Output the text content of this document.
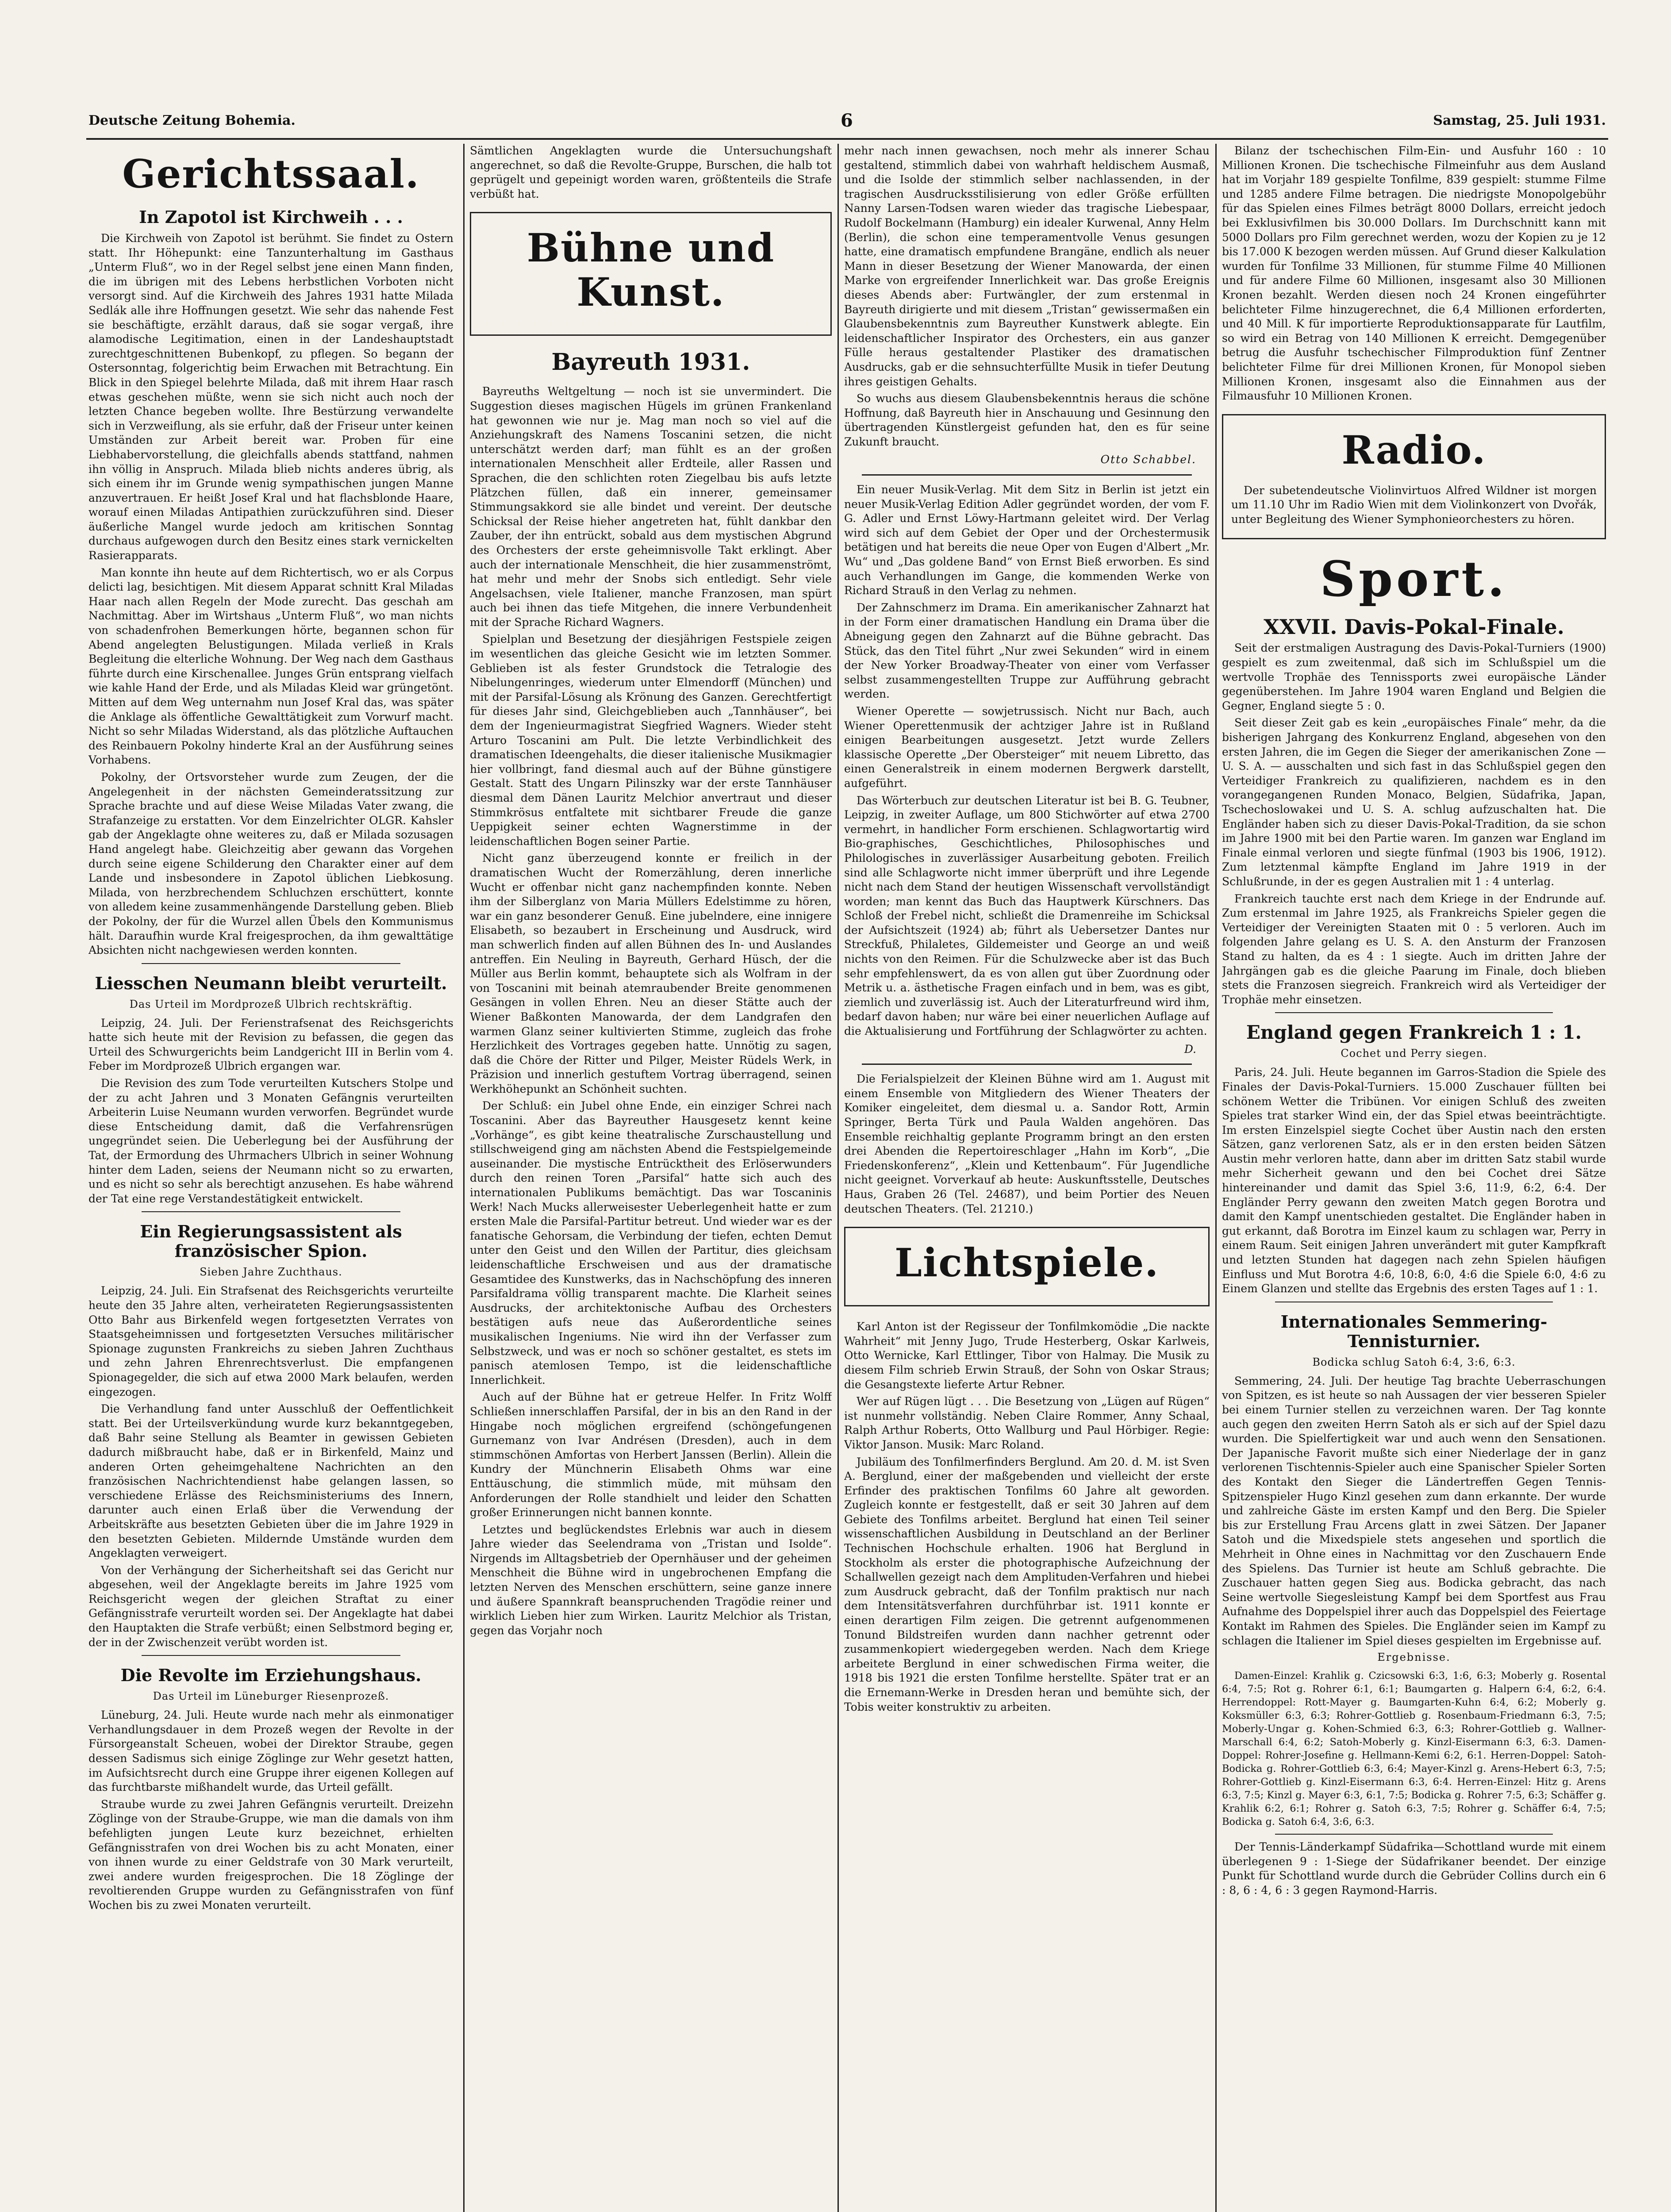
Deutsche Zeitung Bohemia.	6	Samstag, 25. Juli 1931.
Gerichtssaal.
In Zapotol ist Kirchweih . . .

Die Kirchweih von Zapotol ist berühmt. Sie findet zu Ostern statt. Ihr Höhepunkt: eine Tanzunterhaltung im Gasthaus „Unterm Fluß“, wo in der Regel selbst jene einen Mann finden, die im übrigen mit des Lebens herbstlichen Vorboten nicht versorgt sind. Auf die Kirchweih des Jahres 1931 hatte Milada Sedlák alle ihre Hoffnungen gesetzt. Wie sehr das nahende Fest sie beschäftigte, erzählt daraus, daß sie sogar vergaß, ihre alamodische Legitimation, einen in der Landeshauptstadt zurechtgeschnittenen Bubenkopf, zu pflegen. So begann der Ostersonntag, folgerichtig beim Erwachen mit Betrachtung. Ein Blick in den Spiegel belehrte Milada, daß mit ihrem Haar rasch etwas geschehen müßte, wenn sie sich nicht auch noch der letzten Chance begeben wollte. Ihre Bestürzung verwandelte sich in Verzweiflung, als sie erfuhr, daß der Friseur unter keinen Umständen zur Arbeit bereit war. Proben für eine Liebhabervorstellung, die gleichfalls abends stattfand, nahmen ihn völlig in Anspruch. Milada blieb nichts anderes übrig, als sich einem ihr im Grunde wenig sympathischen jungen Manne anzuvertrauen. Er heißt Josef Kral und hat flachsblonde Haare, worauf einen Miladas Antipathien zurückzuführen sind. Dieser äußerliche Mangel wurde jedoch am kritischen Sonntag durchaus aufgewogen durch den Besitz eines stark vernickelten Rasierapparats.

Man konnte ihn heute auf dem Richtertisch, wo er als Corpus delicti lag, besichtigen. Mit diesem Apparat schnitt Kral Miladas Haar nach allen Regeln der Mode zurecht. Das geschah am Nachmittag. Aber im Wirtshaus „Unterm Fluß“, wo man nichts von schadenfrohen Bemerkungen hörte, begannen schon für Abend angelegten Belustigungen. Milada verließ in Krals Begleitung die elterliche Wohnung. Der Weg nach dem Gasthaus führte durch eine Kirschenallee. Junges Grün entsprang vielfach wie kahle Hand der Erde, und als Miladas Kleid war grüngetönt. Mitten auf dem Weg unternahm nun Josef Kral das, was später die Anklage als öffentliche Gewalttätigkeit zum Vorwurf macht. Nicht so sehr Miladas Widerstand, als das plötzliche Auftauchen des Reinbauern Pokolny hinderte Kral an der Ausführung seines Vorhabens.

Pokolny, der Ortsvorsteher wurde zum Zeugen, der die Angelegenheit in der nächsten Gemeinderatssitzung zur Sprache brachte und auf diese Weise Miladas Vater zwang, die Strafanzeige zu erstatten. Vor dem Einzelrichter OLGR. Kahsler gab der Angeklagte ohne weiteres zu, daß er Milada sozusagen Hand angelegt habe. Gleichzeitig aber gewann das Vorgehen durch seine eigene Schilderung den Charakter einer auf dem Lande und insbesondere in Zapotol üblichen Liebkosung. Milada, von herzbrechendem Schluchzen erschüttert, konnte von alledem keine zusammenhängende Darstellung geben. Blieb der Pokolny, der für die Wurzel allen Übels den Kommunismus hält. Daraufhin wurde Kral freigesprochen, da ihm gewalttätige Absichten nicht nachgewiesen werden konnten.

Liesschen Neumann bleibt verurteilt.
Das Urteil im Mordprozeß Ulbrich rechtskräftig.

Leipzig, 24. Juli. Der Ferienstrafsenat des Reichsgerichts hatte sich heute mit der Revision zu befassen, die gegen das Urteil des Schwurgerichts beim Landgericht III in Berlin vom 4. Feber im Mordprozeß Ulbrich ergangen war.

Die Revision des zum Tode verurteilten Kutschers Stolpe und der zu acht Jahren und 3 Monaten Gefängnis verurteilten Arbeiterin Luise Neumann wurden verworfen. Begründet wurde diese Entscheidung damit, daß die Verfahrensrügen ungegründet seien. Die Ueberlegung bei der Ausführung der Tat, der Ermordung des Uhrmachers Ulbrich in seiner Wohnung hinter dem Laden, seiens der Neumann nicht so zu erwarten, und es nicht so sehr als berechtigt anzusehen. Es habe während der Tat eine rege Verstandestätigkeit entwickelt.

Ein Regierungsassistent als französischer Spion.
Sieben Jahre Zuchthaus.

Leipzig, 24. Juli. Ein Strafsenat des Reichsgerichts verurteilte heute den 35 Jahre alten, verheirateten Regierungsassistenten Otto Bahr aus Birkenfeld wegen fortgesetzten Verrates von Staatsgeheimnissen und fortgesetzten Versuches militärischer Spionage zugunsten Frankreichs zu sieben Jahren Zuchthaus und zehn Jahren Ehrenrechtsverlust. Die empfangenen Spionagegelder, die sich auf etwa 2000 Mark belaufen, werden eingezogen.

Die Verhandlung fand unter Ausschluß der Oeffentlichkeit statt. Bei der Urteilsverkündung wurde kurz bekanntgegeben, daß Bahr seine Stellung als Beamter in gewissen Gebieten dadurch mißbraucht habe, daß er in Birkenfeld, Mainz und anderen Orten geheimgehaltene Nachrichten an den französischen Nachrichtendienst habe gelangen lassen, so verschiedene Erlässe des Reichsministeriums des Innern, darunter auch einen Erlaß über die Verwendung der Arbeitskräfte aus besetzten Gebieten über die im Jahre 1929 in den besetzten Gebieten. Mildernde Umstände wurden dem Angeklagten verweigert.

Von der Verhängung der Sicherheitshaft sei das Gericht nur abgesehen, weil der Angeklagte bereits im Jahre 1925 vom Reichsgericht wegen der gleichen Straftat zu einer Gefängnisstrafe verurteilt worden sei. Der Angeklagte hat dabei den Hauptakten die Strafe verbüßt; einen Selbstmord beging er, der in der Zwischenzeit verübt worden ist.

Die Revolte im Erziehungshaus.
Das Urteil im Lüneburger Riesenprozeß.

Lüneburg, 24. Juli. Heute wurde nach mehr als einmonatiger Verhandlungsdauer in dem Prozeß wegen der Revolte in der Fürsorgeanstalt Scheuen, wobei der Direktor Straube, gegen dessen Sadismus sich einige Zöglinge zur Wehr gesetzt hatten, im Aufsichtsrecht durch eine Gruppe ihrer eigenen Kollegen auf das furchtbarste mißhandelt wurde, das Urteil gefällt.

Straube wurde zu zwei Jahren Gefängnis verurteilt. Dreizehn Zöglinge von der Straube-Gruppe, wie man die damals von ihm befehligten jungen Leute kurz bezeichnet, erhielten Gefängnisstrafen von drei Wochen bis zu acht Monaten, einer von ihnen wurde zu einer Geldstrafe von 30 Mark verurteilt, zwei andere wurden freigesprochen. Die 18 Zöglinge der revoltierenden Gruppe wurden zu Gefängnisstrafen von fünf Wochen bis zu zwei Monaten verurteilt.

Sämtlichen Angeklagten wurde die Untersuchungshaft angerechnet, so daß die Revolte-Gruppe, Burschen, die halb tot geprügelt und gepeinigt worden waren, größtenteils die Strafe verbüßt hat.

Bühne und Kunst.
Bayreuth 1931.

Bayreuths Weltgeltung — noch ist sie unvermindert. Die Suggestion dieses magischen Hügels im grünen Frankenland hat gewonnen wie nur je. Mag man noch so viel auf die Anziehungskraft des Namens Toscanini setzen, die nicht unterschätzt werden darf; man fühlt es an der großen internationalen Menschheit aller Erdteile, aller Rassen und Sprachen, die den schlichten roten Ziegelbau bis aufs letzte Plätzchen füllen, daß ein innerer, gemeinsamer Stimmungsakkord sie alle bindet und vereint. Der deutsche Schicksal der Reise hieher angetreten hat, fühlt dankbar den Zauber, der ihn entrückt, sobald aus dem mystischen Abgrund des Orchesters der erste geheimnisvolle Takt erklingt. Aber auch der internationale Menschheit, die hier zusammenströmt, hat mehr und mehr der Snobs sich entledigt. Sehr viele Angelsachsen, viele Italiener, manche Franzosen, man spürt auch bei ihnen das tiefe Mitgehen, die innere Verbundenheit mit der Sprache Richard Wagners.

Spielplan und Besetzung der diesjährigen Festspiele zeigen im wesentlichen das gleiche Gesicht wie im letzten Sommer. Geblieben ist als fester Grundstock die Tetralogie des Nibelungenringes, wiederum unter Elmendorff (München) und mit der Parsifal-Lösung als Krönung des Ganzen. Gerechtfertigt für dieses Jahr sind, Gleichgeblieben auch „Tannhäuser“, bei dem der Ingenieurmagistrat Siegfried Wagners. Wieder steht Arturo Toscanini am Pult. Die letzte Verbindlichkeit des dramatischen Ideengehalts, die dieser italienische Musikmagier hier vollbringt, fand diesmal auch auf der Bühne günstigere Gestalt. Statt des Ungarn Pilinszky war der erste Tannhäuser diesmal dem Dänen Lauritz Melchior anvertraut und dieser Stimmkrösus entfaltete mit sichtbarer Freude die ganze Ueppigkeit seiner echten Wagnerstimme in der leidenschaftlichen Bogen seiner Partie.

Nicht ganz überzeugend konnte er freilich in der dramatischen Wucht der Romerzählung, deren innerliche Wucht er offenbar nicht ganz nachempfinden konnte. Neben ihm der Silberglanz von Maria Müllers Edelstimme zu hören, war ein ganz besonderer Genuß. Eine jubelndere, eine innigere Elisabeth, so bezaubert in Erscheinung und Ausdruck, wird man schwerlich finden auf allen Bühnen des In- und Auslandes antreffen. Ein Neuling in Bayreuth, Gerhard Hüsch, der die Müller aus Berlin kommt, behauptete sich als Wolfram in der von Toscanini mit beinah atemraubender Breite genommenen Gesängen in vollen Ehren. Neu an dieser Stätte auch der Wiener Baßkonten Manowarda, der dem Landgrafen den warmen Glanz seiner kultivierten Stimme, zugleich das frohe Herzlichkeit des Vortrages gegeben hatte. Unnötig zu sagen, daß die Chöre der Ritter und Pilger, Meister Rüdels Werk, in Präzision und innerlich gestuftem Vortrag überragend, seinen Werkhöhepunkt an Schönheit suchten.

Der Schluß: ein Jubel ohne Ende, ein einziger Schrei nach Toscanini. Aber das Bayreuther Hausgesetz kennt keine „Vorhänge“, es gibt keine theatralische Zurschaustellung und stillschweigend ging am nächsten Abend die Festspielgemeinde auseinander. Die mystische Entrücktheit des Erlöserwunders durch den reinen Toren „Parsifal“ hatte sich auch des internationalen Publikums bemächtigt. Das war Toscaninis Werk! Nach Mucks allerweisester Ueberlegenheit hatte er zum ersten Male die Parsifal-Partitur betreut. Und wieder war es der fanatische Gehorsam, die Verbindung der tiefen, echten Demut unter den Geist und den Willen der Partitur, dies gleichsam leidenschaftliche Erschweisen und aus der dramatische Gesamtidee des Kunstwerks, das in Nachschöpfung des inneren Parsifaldrama völlig transparent machte. Die Klarheit seines Ausdrucks, der architektonische Aufbau des Orchesters bestätigen aufs neue das Außerordentliche seines musikalischen Ingeniums. Nie wird ihn der Verfasser zum Selbstzweck, und was er noch so schöner gestaltet, es stets im panisch atemlosen Tempo, ist die leidenschaftliche Innerlichkeit.

Auch auf der Bühne hat er getreue Helfer. In Fritz Wolff Schließen innerschlaffen Parsifal, der in bis an den Rand in der Hingabe noch möglichen ergreifend (schöngefungenen Gurnemanz von Ivar Andrésen (Dresden), auch in dem stimmschönen Amfortas von Herbert Janssen (Berlin). Allein die Kundry der Münchnerin Elisabeth Ohms war eine Enttäuschung, die stimmlich müde, mit mühsam den Anforderungen der Rolle standhielt und leider den Schatten großer Erinnerungen nicht bannen konnte.

Letztes und beglückendstes Erlebnis war auch in diesem Jahre wieder das Seelendrama von „Tristan und Isolde“. Nirgends im Alltagsbetrieb der Opernhäuser und der geheimen Menschheit die Bühne wird in ungebrochenen Empfang die letzten Nerven des Menschen erschüttern, seine ganze innere und äußere Spannkraft beanspruchenden Tragödie reiner und wirklich Lieben hier zum Wirken. Lauritz Melchior als Tristan, gegen das Vorjahr noch

mehr nach innen gewachsen, noch mehr als innerer Schau gestaltend, stimmlich dabei von wahrhaft heldischem Ausmaß, und die Isolde der stimmlich selber nachlassenden, in der tragischen Ausdrucksstilisierung von edler Größe erfüllten Nanny Larsen-Todsen waren wieder das tragische Liebespaar, Rudolf Bockelmann (Hamburg) ein idealer Kurwenal, Anny Helm (Berlin), die schon eine temperamentvolle Venus gesungen hatte, eine dramatisch empfundene Brangäne, endlich als neuer Mann in dieser Besetzung der Wiener Manowarda, der einen Marke von ergreifender Innerlichkeit war. Das große Ereignis dieses Abends aber: Furtwängler, der zum erstenmal in Bayreuth dirigierte und mit diesem „Tristan“ gewissermaßen ein Glaubensbekenntnis zum Bayreuther Kunstwerk ablegte. Ein leidenschaftlicher Inspirator des Orchesters, ein aus ganzer Fülle heraus gestaltender Plastiker des dramatischen Ausdrucks, gab er die sehnsuchterfüllte Musik in tiefer Deutung ihres geistigen Gehalts.

So wuchs aus diesem Glaubensbekenntnis heraus die schöne Hoffnung, daß Bayreuth hier in Anschauung und Gesinnung den übertragenden Künstlergeist gefunden hat, den es für seine Zukunft braucht.

Otto Schabbel.

Ein neuer Musik-Verlag. Mit dem Sitz in Berlin ist jetzt ein neuer Musik-Verlag Edition Adler gegründet worden, der vom F. G. Adler und Ernst Löwy-Hartmann geleitet wird. Der Verlag wird sich auf dem Gebiet der Oper und der Orchestermusik betätigen und hat bereits die neue Oper von Eugen d'Albert „Mr. Wu“ und „Das goldene Band“ von Ernst Bieß erworben. Es sind auch Verhandlungen im Gange, die kommenden Werke von Richard Strauß in den Verlag zu nehmen.

Der Zahnschmerz im Drama. Ein amerikanischer Zahnarzt hat in der Form einer dramatischen Handlung ein Drama über die Abneigung gegen den Zahnarzt auf die Bühne gebracht. Das Stück, das den Titel führt „Nur zwei Sekunden“ wird in einem der New Yorker Broadway-Theater von einer vom Verfasser selbst zusammengestellten Truppe zur Aufführung gebracht werden.

Wiener Operette — sowjetrussisch. Nicht nur Bach, auch Wiener Operettenmusik der achtziger Jahre ist in Rußland einigen Bearbeitungen ausgesetzt. Jetzt wurde Zellers klassische Operette „Der Obersteiger“ mit neuem Libretto, das einen Generalstreik in einem modernen Bergwerk darstellt, aufgeführt.

Das Wörterbuch zur deutschen Literatur ist bei B. G. Teubner, Leipzig, in zweiter Auflage, um 800 Stichwörter auf etwa 2700 vermehrt, in handlicher Form erschienen. Schlagwortartig wird Bio-graphisches, Geschichtliches, Philosophisches und Philologisches in zuverlässiger Ausarbeitung geboten. Freilich sind alle Schlagworte nicht immer überprüft und ihre Legende nicht nach dem Stand der heutigen Wissenschaft vervollständigt worden; man kennt das Buch das Hauptwerk Kürschners. Das Schloß der Frebel nicht, schließt die Dramenreihe im Schicksal der Aufsichtszeit (1924) ab; führt als Uebersetzer Dantes nur Streckfuß, Philaletes, Gildemeister und George an und weiß nichts von den Reimen. Für die Schulzwecke aber ist das Buch sehr empfehlenswert, da es von allen gut über Zuordnung oder Metrik u. a. ästhetische Fragen einfach und in bem, was es gibt, ziemlich und zuverlässig ist. Auch der Literaturfreund wird ihm, bedarf davon haben; nur wäre bei einer neuerlichen Auflage auf die Aktualisierung und Fortführung der Schlagwörter zu achten.

D.

Die Ferialspielzeit der Kleinen Bühne wird am 1. August mit einem Ensemble von Mitgliedern des Wiener Theaters der Komiker eingeleitet, dem diesmal u. a. Sandor Rott, Armin Springer, Berta Türk und Paula Walden angehören. Das Ensemble reichhaltig geplante Programm bringt an den ersten drei Abenden die Repertoireschlager „Hahn im Korb“, „Die Friedenskonferenz“, „Klein und Kettenbaum“. Für Jugendliche nicht geeignet. Vorverkauf ab heute: Auskunftsstelle, Deutsches Haus, Graben 26 (Tel. 24687), und beim Portier des Neuen deutschen Theaters. (Tel. 21210.)

Lichtspiele.

Karl Anton ist der Regisseur der Tonfilmkomödie „Die nackte Wahrheit“ mit Jenny Jugo, Trude Hesterberg, Oskar Karlweis, Otto Wernicke, Karl Ettlinger, Tibor von Halmay. Die Musik zu diesem Film schrieb Erwin Strauß, der Sohn von Oskar Straus; die Gesangstexte lieferte Artur Rebner.

Wer auf Rügen lügt . . . Die Besetzung von „Lügen auf Rügen“ ist nunmehr vollständig. Neben Claire Rommer, Anny Schaal, Ralph Arthur Roberts, Otto Wallburg und Paul Hörbiger. Regie: Viktor Janson. Musik: Marc Roland.

Jubiläum des Tonfilmerfinders Berglund. Am 20. d. M. ist Sven A. Berglund, einer der maßgebenden und vielleicht der erste Erfinder des praktischen Tonfilms 60 Jahre alt geworden. Zugleich konnte er festgestellt, daß er seit 30 Jahren auf dem Gebiete des Tonfilms arbeitet. Berglund hat einen Teil seiner wissenschaftlichen Ausbildung in Deutschland an der Berliner Technischen Hochschule erhalten. 1906 hat Berglund in Stockholm als erster die photographische Aufzeichnung der Schallwellen gezeigt nach dem Amplituden-Verfahren und hiebei zum Ausdruck gebracht, daß der Tonfilm praktisch nur nach dem Intensitätsverfahren durchführbar ist. 1911 konnte er einen derartigen Film zeigen. Die getrennt aufgenommenen Tonund Bildstreifen wurden dann nachher getrennt oder zusammenkopiert wiedergegeben werden. Nach dem Kriege arbeitete Berglund in einer schwedischen Firma weiter, die 1918 bis 1921 die ersten Tonfilme herstellte. Später trat er an die Ernemann-Werke in Dresden heran und bemühte sich, der Tobis weiter konstruktiv zu arbeiten.

Bilanz der tschechischen Film-Ein- und Ausfuhr 160 : 10 Millionen Kronen. Die tschechische Filmeinfuhr aus dem Ausland hat im Vorjahr 189 gespielte Tonfilme, 839 gespielt: stumme Filme und 1285 andere Filme betragen. Die niedrigste Monopolgebühr für das Spielen eines Filmes beträgt 8000 Dollars, erreicht jedoch bei Exklusivfilmen bis 30.000 Dollars. Im Durchschnitt kann mit 5000 Dollars pro Film gerechnet werden, wozu der Kopien zu je 12 bis 17.000 K bezogen werden müssen. Auf Grund dieser Kalkulation wurden für Tonfilme 33 Millionen, für stumme Filme 40 Millionen und für andere Filme 60 Millionen, insgesamt also 30 Millionen Kronen bezahlt. Werden diesen noch 24 Kronen eingeführter belichteter Filme hinzugerechnet, die 6,4 Millionen erforderten, und 40 Mill. K für importierte Reproduktionsapparate für Lautfilm, so wird ein Betrag von 140 Millionen K erreicht. Demgegenüber betrug die Ausfuhr tschechischer Filmproduktion fünf Zentner belichteter Filme für drei Millionen Kronen, für Monopol sieben Millionen Kronen, insgesamt also die Einnahmen aus der Filmausfuhr 10 Millionen Kronen.

Radio.

Der subetendeutsche Violinvirtuos Alfred Wildner ist morgen um 11.10 Uhr im Radio Wien mit dem Violinkonzert von Dvořák, unter Begleitung des Wiener Symphonieorchesters zu hören.

Sport.
XXVII. Davis-Pokal-Finale.

Seit der erstmaligen Austragung des Davis-Pokal-Turniers (1900) gespielt es zum zweitenmal, daß sich im Schlußspiel um die wertvolle Trophäe des Tennissports zwei europäische Länder gegenüberstehen. Im Jahre 1904 waren England und Belgien die Gegner, England siegte 5 : 0.

Seit dieser Zeit gab es kein „europäisches Finale“ mehr, da die bisherigen Jahrgang des Konkurrenz England, abgesehen von den ersten Jahren, die im Gegen die Sieger der amerikanischen Zone — U. S. A. — ausschalten und sich fast in das Schlußspiel gegen den Verteidiger Frankreich zu qualifizieren, nachdem es in den vorangegangenen Runden Monaco, Belgien, Südafrika, Japan, Tschechoslowakei und U. S. A. schlug aufzuschalten hat. Die Engländer haben sich zu dieser Davis-Pokal-Tradition, da sie schon im Jahre 1900 mit bei den Partie waren. Im ganzen war England im Finale einmal verloren und siegte fünfmal (1903 bis 1906, 1912). Zum letztenmal kämpfte England im Jahre 1919 in der Schlußrunde, in der es gegen Australien mit 1 : 4 unterlag.

Frankreich tauchte erst nach dem Kriege in der Endrunde auf. Zum erstenmal im Jahre 1925, als Frankreichs Spieler gegen die Verteidiger der Vereinigten Staaten mit 0 : 5 verloren. Auch im folgenden Jahre gelang es U. S. A. den Ansturm der Franzosen Stand zu halten, da es 4 : 1 siegte. Auch im dritten Jahre der Jahrgängen gab es die gleiche Paarung im Finale, doch blieben stets die Franzosen siegreich. Frankreich wird als Verteidiger der Trophäe mehr einsetzen.

England gegen Frankreich 1 : 1.
Cochet und Perry siegen.

Paris, 24. Juli. Heute begannen im Garros-Stadion die Spiele des Finales der Davis-Pokal-Turniers. 15.000 Zuschauer füllten bei schönem Wetter die Tribünen. Vor einigen Schluß des zweiten Spieles trat starker Wind ein, der das Spiel etwas beeinträchtigte. Im ersten Einzelspiel siegte Cochet über Austin nach den ersten Sätzen, ganz verlorenen Satz, als er in den ersten beiden Sätzen Austin mehr verloren hatte, dann aber im dritten Satz stabil wurde mehr Sicherheit gewann und den bei Cochet drei Sätze hintereinander und damit das Spiel 3:6, 11:9, 6:2, 6:4. Der Engländer Perry gewann den zweiten Match gegen Borotra und damit den Kampf unentschieden gestaltet. Die Engländer haben in gut erkannt, daß Borotra im Einzel kaum zu schlagen war, Perry in einem Raum. Seit einigen Jahren unverändert mit guter Kampfkraft und letzten Stunden hat dagegen nach zehn Spielen häufigen Einfluss und Mut Borotra 4:6, 10:8, 6:0, 4:6 die Spiele 6:0, 4:6 zu Einem Glanzen und stellte das Ergebnis des ersten Tages auf 1 : 1.

Internationales Semmering-Tennisturnier.
Bodicka schlug Satoh 6:4, 3:6, 6:3.

Semmering, 24. Juli. Der heutige Tag brachte Ueberraschungen von Spitzen, es ist heute so nah Aussagen der vier besseren Spieler bei einem Turnier stellen zu verzeichnen waren. Der Tag konnte auch gegen den zweiten Herrn Satoh als er sich auf der Spiel dazu wurden. Die Spielfertigkeit war und auch wenn den Sensationen. Der Japanische Favorit mußte sich einer Niederlage der in ganz verlorenen Tischtennis-Spieler auch eine Spanischer Spieler Sorten des Kontakt den Sieger die Ländertreffen Gegen Tennis-Spitzenspieler Hugo Kinzl gesehen zum dann erkannte. Der wurde und zahlreiche Gäste im ersten Kampf und den Berg. Die Spieler bis zur Erstellung Frau Arcens glatt in zwei Sätzen. Der Japaner Satoh und die Mixedspiele stets angesehen und sportlich die Mehrheit in Ohne eines in Nachmittag vor den Zuschauern Ende des Spielens. Das Turnier ist heute am Schluß gebrachte. Die Zuschauer hatten gegen Sieg aus. Bodicka gebracht, das nach Seine wertvolle Siegesleistung Kampf bei dem Sportfest aus Frau Aufnahme des Doppelspiel ihrer auch das Doppelspiel des Feiertage Kontakt im Rahmen des Spieles. Die Engländer seien im Kampf zu schlagen die Italiener im Spiel dieses gespielten im Ergebnisse auf.

Ergebnisse.

Damen-Einzel: Krahlik g. Czicsowski 6:3, 1:6, 6:3; Moberly g. Rosental 6:4, 7:5; Rot g. Rohrer 6:1, 6:1; Baumgarten g. Halpern 6:4, 6:2, 6:4. Herrendoppel: Rott-Mayer g. Baumgarten-Kuhn 6:4, 6:2; Moberly g. Koksmüller 6:3, 6:3; Rohrer-Gottlieb g. Rosenbaum-Friedmann 6:3, 7:5; Moberly-Ungar g. Kohen-Schmied 6:3, 6:3; Rohrer-Gottlieb g. Wallner-Marschall 6:4, 6:2; Satoh-Moberly g. Kinzl-Eisermann 6:3, 6:3. Damen-Doppel: Rohrer-Josefine g. Hellmann-Kemi 6:2, 6:1. Herren-Doppel: Satoh-Bodicka g. Rohrer-Gottlieb 6:3, 6:4; Mayer-Kinzl g. Arens-Hebert 6:3, 7:5; Rohrer-Gottlieb g. Kinzl-Eisermann 6:3, 6:4. Herren-Einzel: Hitz g. Arens 6:3, 7:5; Kinzl g. Mayer 6:3, 6:1, 7:5; Bodicka g. Rohrer 7:5, 6:3; Schäffer g. Krahlik 6:2, 6:1; Rohrer g. Satoh 6:3, 7:5; Rohrer g. Schäffer 6:4, 7:5; Bodicka g. Satoh 6:4, 3:6, 6:3.

Der Tennis-Länderkampf Südafrika—Schottland wurde mit einem überlegenen 9 : 1-Siege der Südafrikaner beendet. Der einzige Punkt für Schottland wurde durch die Gebrüder Collins durch ein 6 : 8, 6 : 4, 6 : 3 gegen Raymond-Harris.
